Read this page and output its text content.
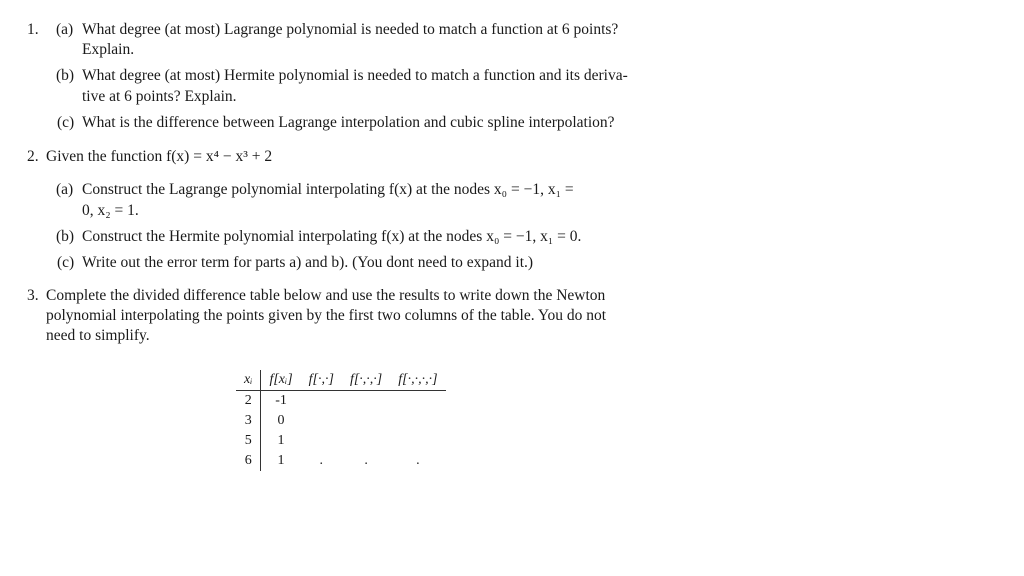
1. (a) What degree (at most) Lagrange polynomial is needed to match a function at 6 points?
Explain.
(b) What degree (at most) Hermite polynomial is needed to match a function and its deriva-
tive at 6 points? Explain.
(c) What is the difference between Lagrange interpolation and cubic spline interpolation?
2. Given the function f(x) = x⁴ − x³ + 2
(a) Construct the Lagrange polynomial interpolating f(x) at the nodes x₀ = −1, x₁ =
0, x₂ = 1.
(b) Construct the Hermite polynomial interpolating f(x) at the nodes x₀ = −1, x₁ = 0.
(c) Write out the error term for parts a) and b). (You dont need to expand it.)
3. Complete the divided difference table below and use the results to write down the Newton
polynomial interpolating the points given by the first two columns of the table. You do not
need to simplify.
xᵢ	f[xᵢ]	f[·,·]	f[·,·,·]	f[·,·,·,·]
2	-1			
3	0			
5	1			
6	1	.	.	.
